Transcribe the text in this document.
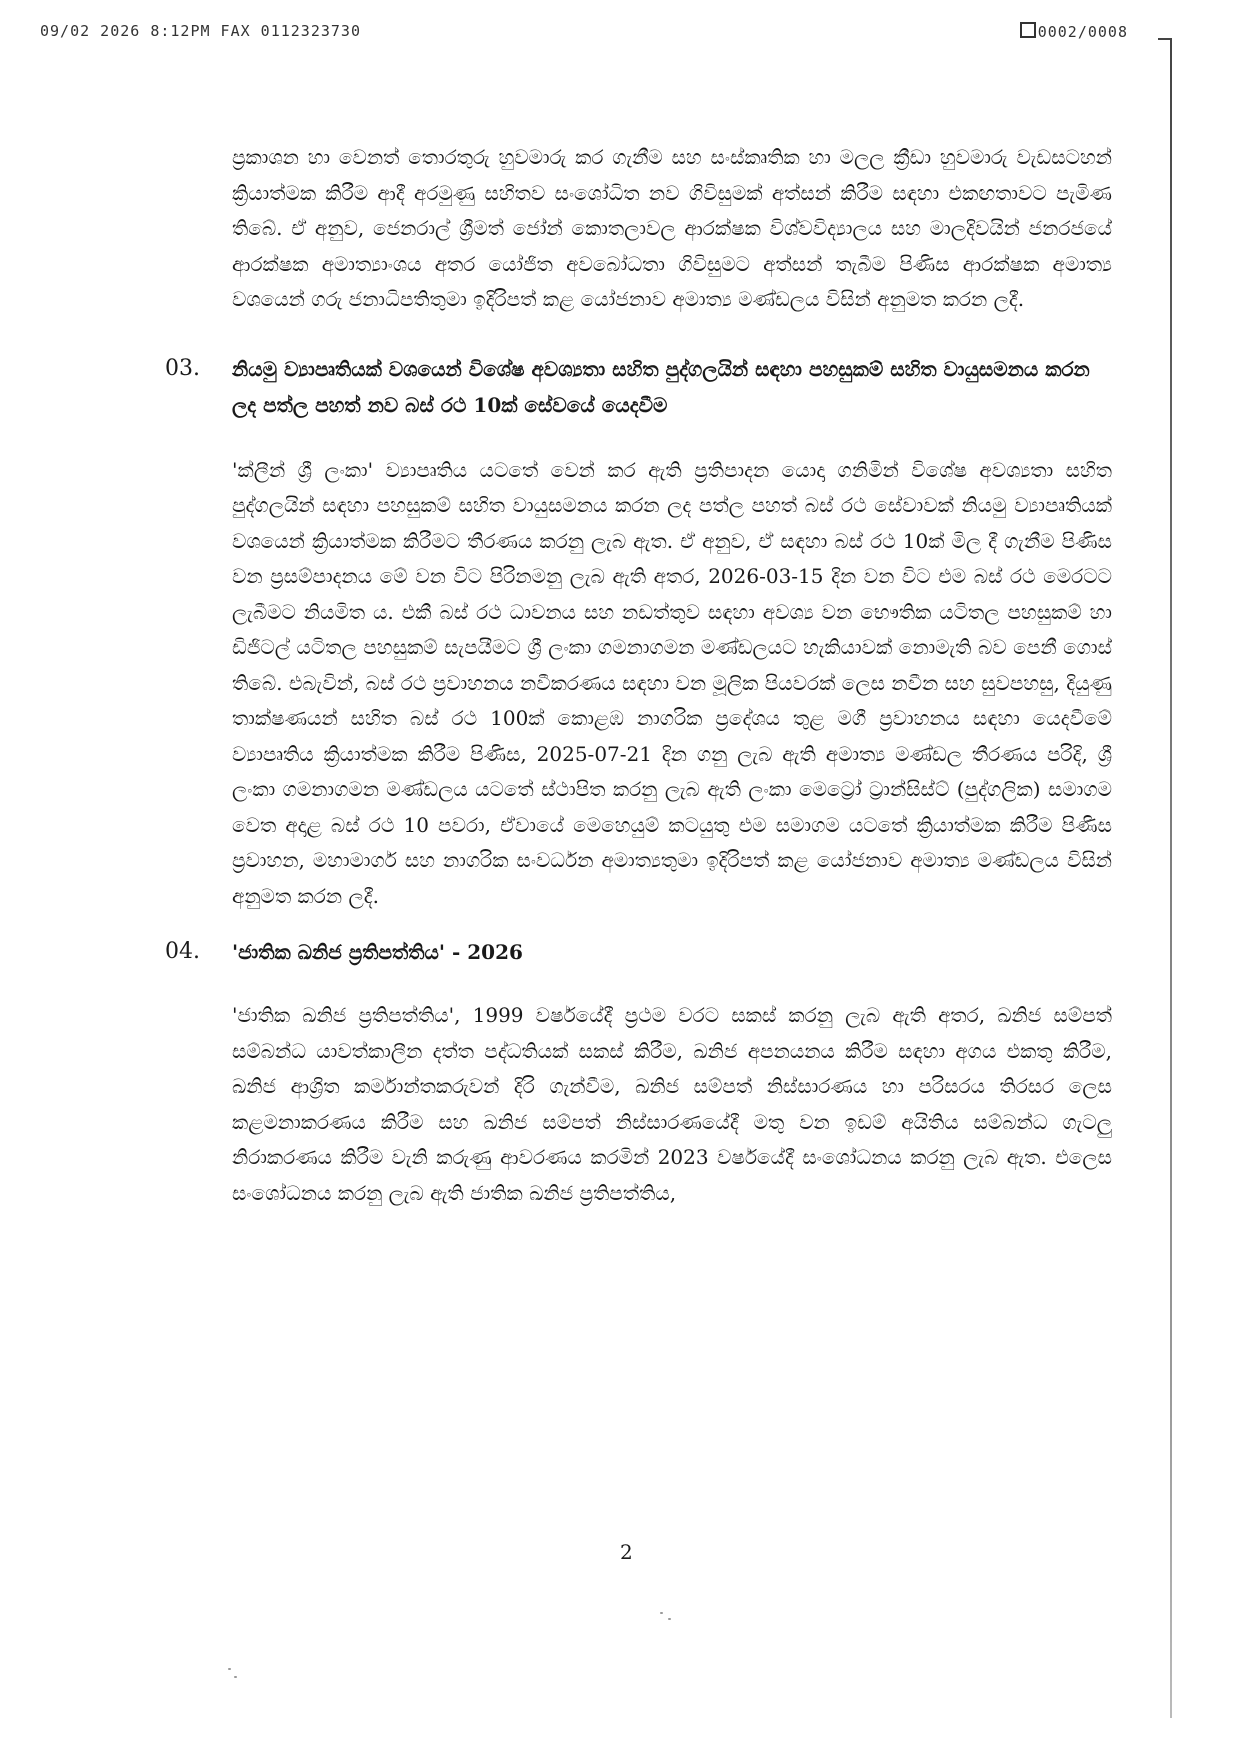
09/02 2026 8:12PM FAX 0112323730	0002/0008

ප්‍රකාශන හා වෙනත් තොරතුරු හුවමාරු කර ගැනීම සහ සංස්කෘතික හා මලල ක්‍රීඩා හුවමාරු වැඩසටහන් ක්‍රියාත්මක කිරීම ආදී අරමුණු සහිතව සංශෝධිත නව ගිවිසුමක් අත්සන් කිරීම සඳහා එකඟතාවට පැමිණ තිබේ. ඒ අනුව, ජෙනරාල් ශ්‍රීමත් ජෝන් කොතලාවල ආරක්ෂක විශ්වවිද්‍යාලය සහ මාලදිවයින් ජනරජයේ ආරක්ෂක අමාත්‍යාංශය අතර යෝජිත අවබෝධතා ගිවිසුමට අත්සන් තැබීම පිණිස ආරක්ෂක අමාත්‍ය වශයෙන් ගරු ජනාධිපතිතුමා ඉදිරිපත් කළ යෝජනාව අමාත්‍ය මණ්ඩලය විසින් අනුමත කරන ලදී.

03. නියමු ව්‍යාපෘතියක් වශයෙන් විශේෂ අවශ්‍යතා සහිත පුද්ගලයින් සඳහා පහසුකම් සහිත වායුසමනය කරන ලද පත්ල පහත් නව බස් රථ 10ක් සේවයේ යෙදවීම

'ක්ලීන් ශ්‍රී ලංකා' ව්‍යාපෘතිය යටතේ වෙන් කර ඇති ප්‍රතිපාදන යොදා ගනිමින් විශේෂ අවශ්‍යතා සහිත පුද්ගලයින් සඳහා පහසුකම් සහිත වායුසමනය කරන ලද පත්ල පහත් බස් රථ සේවාවක් නියමු ව්‍යාපෘතියක් වශයෙන් ක්‍රියාත්මක කිරීමට තීරණය කරනු ලැබ ඇත. ඒ අනුව, ඒ සඳහා බස් රථ 10ක් මිල දී ගැනීම පිණිස වන ප්‍රසම්පාදනය මේ වන විට පිරිනමනු ලැබ ඇති අතර, 2026-03-15 දින වන විට එම බස් රථ මෙරටට ලැබීමට නියමිත ය. එකී බස් රථ ධාවනය සහ නඩත්තුව සඳහා අවශ්‍ය වන භෞතික යටිතල පහසුකම් හා ඩිජිටල් යටිතල පහසුකම් සැපයීමට ශ්‍රී ලංකා ගමනාගමන මණ්ඩලයට හැකියාවක් නොමැති බව පෙනී ගොස් තිබේ. එබැවින්, බස් රථ ප්‍රවාහනය නවීකරණය සඳහා වන මූලික පියවරක් ලෙස නවීන සහ සුවපහසු, දියුණු තාක්ෂණයන් සහිත බස් රථ 100ක් කොළඹ නාගරික ප්‍රදේශය තුළ මගී ප්‍රවාහනය සඳහා යෙදවීමේ ව්‍යාපෘතිය ක්‍රියාත්මක කිරීම පිණිස, 2025-07-21 දින ගනු ලැබ ඇති අමාත්‍ය මණ්ඩල තීරණය පරිදි, ශ්‍රී ලංකා ගමනාගමන මණ්ඩලය යටතේ ස්ථාපිත කරනු ලැබ ඇති ලංකා මෙට්‍රෝ ට්‍රාන්සිස්ට් (පුද්ගලික) සමාගම වෙත අදාළ බස් රථ 10 පවරා, ඒවායේ මෙහෙයුම් කටයුතු එම සමාගම යටතේ ක්‍රියාත්මක කිරීම පිණිස ප්‍රවාහන, මහාමාර්ග සහ නාගරික සංවර්ධන අමාත්‍යතුමා ඉදිරිපත් කළ යෝජනාව අමාත්‍ය මණ්ඩලය විසින් අනුමත කරන ලදී.

04. 'ජාතික ඛනිජ ප්‍රතිපත්තිය' - 2026

'ජාතික ඛනිජ ප්‍රතිපත්තිය', 1999 වර්ෂයේදී ප්‍රථම වරට සකස් කරනු ලැබ ඇති අතර, ඛනිජ සම්පත් සම්බන්ධ යාවත්කාලීන දත්ත පද්ධතියක් සකස් කිරීම, ඛනිජ අපනයනය කිරීම සඳහා අගය එකතු කිරීම, ඛනිජ ආශ්‍රිත කර්මාන්තකරුවන් දිරි ගැන්වීම, ඛනිජ සම්පත් නිස්සාරණය හා පරිසරය තිරසර ලෙස කළමනාකරණය කිරීම සහ ඛනිජ සම්පත් නිස්සාරණයේදී මතු වන ඉඩම් අයිතිය සම්බන්ධ ගැටලු නිරාකරණය කිරීම වැනි කරුණු ආවරණය කරමින් 2023 වර්ෂයේදී සංශෝධනය කරනු ලැබ ඇත. එලෙස සංශෝධනය කරනු ලැබ ඇති ජාතික ඛනිජ ප්‍රතිපත්තිය,

2
